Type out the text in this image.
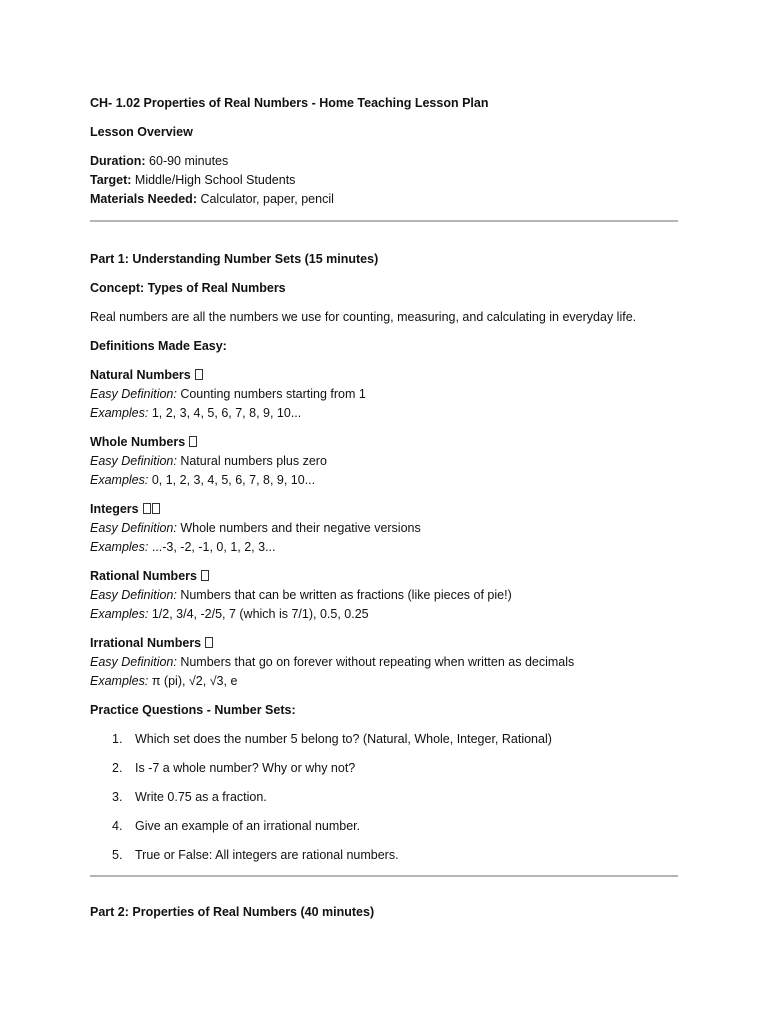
CH- 1.02 Properties of Real Numbers - Home Teaching Lesson Plan
Lesson Overview
Duration: 60-90 minutes
Target: Middle/High School Students
Materials Needed: Calculator, paper, pencil
Part 1: Understanding Number Sets (15 minutes)
Concept: Types of Real Numbers
Real numbers are all the numbers we use for counting, measuring, and calculating in everyday life.
Definitions Made Easy:
Natural Numbers
Easy Definition: Counting numbers starting from 1
Examples: 1, 2, 3, 4, 5, 6, 7, 8, 9, 10...
Whole Numbers
Easy Definition: Natural numbers plus zero
Examples: 0, 1, 2, 3, 4, 5, 6, 7, 8, 9, 10...
Integers
Easy Definition: Whole numbers and their negative versions
Examples: ...-3, -2, -1, 0, 1, 2, 3...
Rational Numbers
Easy Definition: Numbers that can be written as fractions (like pieces of pie!)
Examples: 1/2, 3/4, -2/5, 7 (which is 7/1), 0.5, 0.25
Irrational Numbers
Easy Definition: Numbers that go on forever without repeating when written as decimals
Examples: π (pi), √2, √3, e
Practice Questions - Number Sets:
1. Which set does the number 5 belong to? (Natural, Whole, Integer, Rational)
2. Is -7 a whole number? Why or why not?
3. Write 0.75 as a fraction.
4. Give an example of an irrational number.
5. True or False: All integers are rational numbers.
Part 2: Properties of Real Numbers (40 minutes)
